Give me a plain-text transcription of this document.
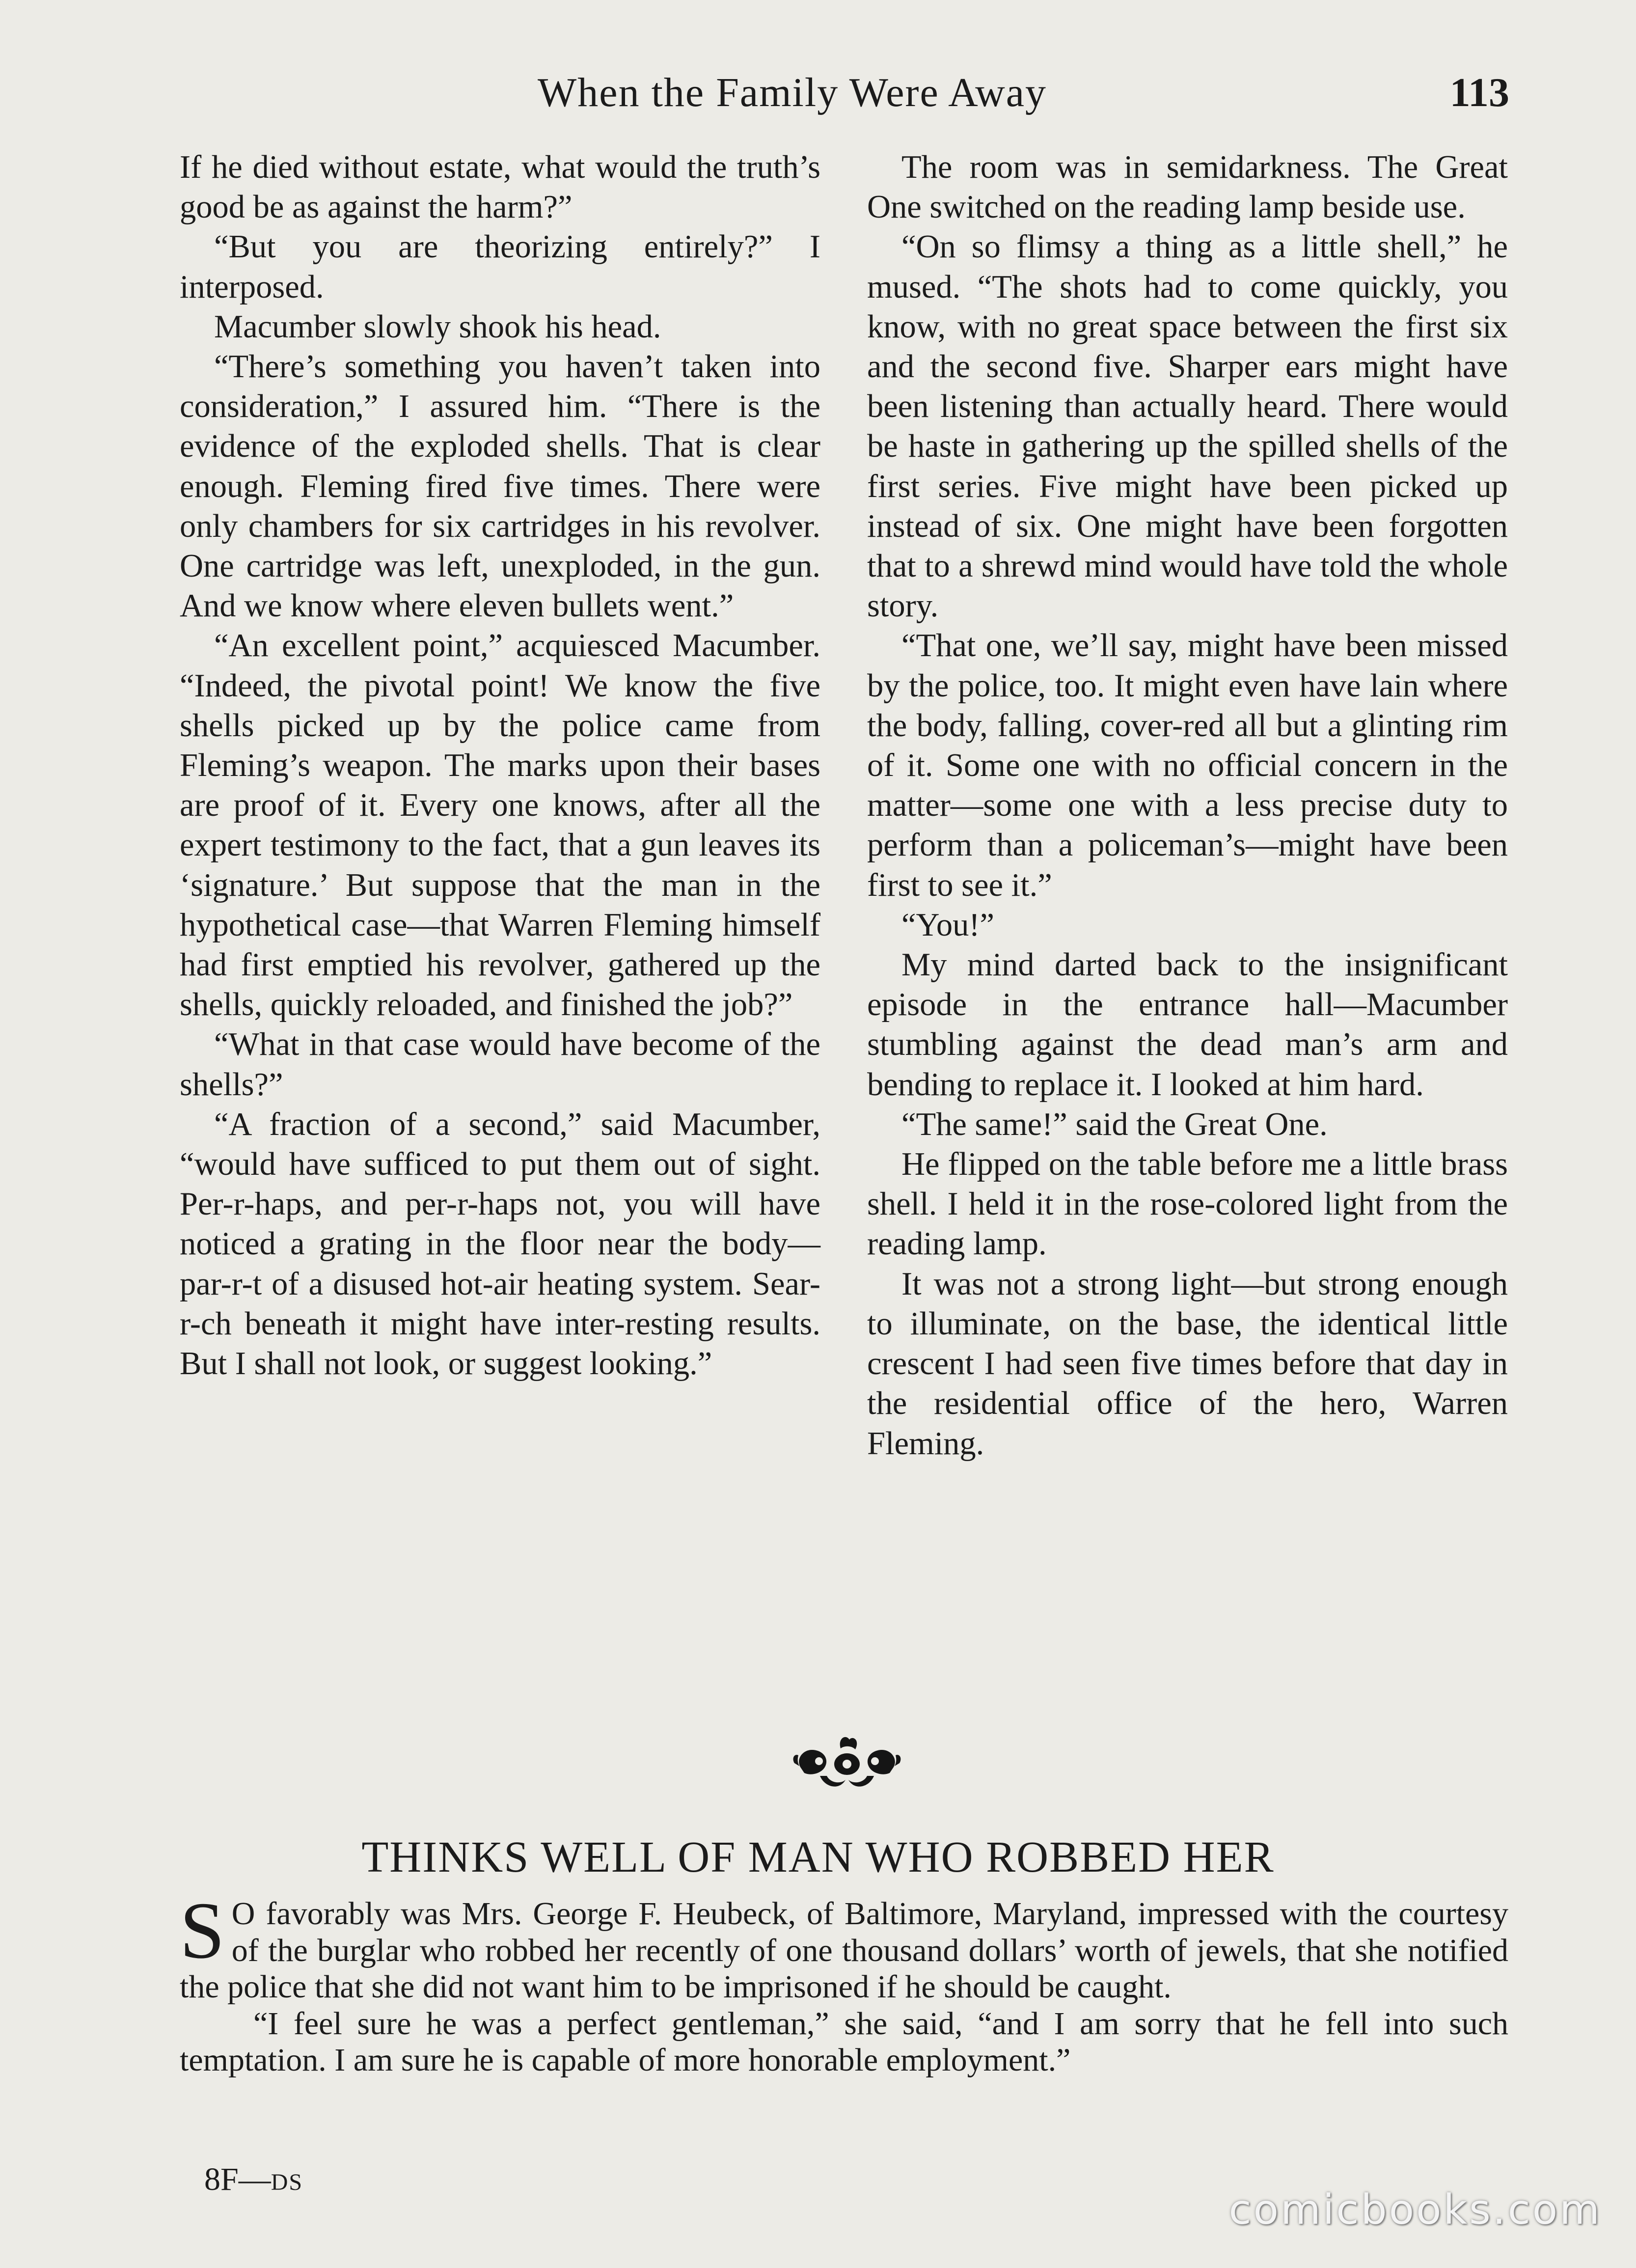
When the Family Were Away	113

If he died without estate, what would the truth’s good be as against the harm?”

“But you are theorizing entirely?” I interposed.

Macumber slowly shook his head.

“There’s something you haven’t taken into consideration,” I assured him. “There is the evidence of the exploded shells. That is clear enough. Fleming fired five times. There were only chambers for six cartridges in his revolver. One cartridge was left, unexploded, in the gun. And we know where eleven bullets went.”

“An excellent point,” acquiesced Macumber. “Indeed, the pivotal point! We know the five shells picked up by the police came from Fleming’s weapon. The marks upon their bases are proof of it. Every one knows, after all the expert testimony to the fact, that a gun leaves its ‘signature.’ But suppose that the man in the hypothetical case—that Warren Fleming himself had first emptied his revolver, gathered up the shells, quickly reloaded, and finished the job?”

“What in that case would have become of the shells?”

“A fraction of a second,” said Macumber, “would have sufficed to put them out of sight. Per-r-haps, and per-r-haps not, you will have noticed a grating in the floor near the body—par-r-t of a disused hot-air heating system. Sear-r-ch beneath it might have inter-resting results. But I shall not look, or suggest looking.”

The room was in semidarkness. The Great One switched on the reading lamp beside use.

“On so flimsy a thing as a little shell,” he mused. “The shots had to come quickly, you know, with no great space between the first six and the second five. Sharper ears might have been listening than actually heard. There would be haste in gathering up the spilled shells of the first series. Five might have been picked up instead of six. One might have been forgotten that to a shrewd mind would have told the whole story.

“That one, we’ll say, might have been missed by the police, too. It might even have lain where the body, falling, cover-red all but a glinting rim of it. Some one with no official concern in the matter—some one with a less precise duty to perform than a policeman’s—might have been first to see it.”

“You!”

My mind darted back to the insignificant episode in the entrance hall—Macumber stumbling against the dead man’s arm and bending to replace it. I looked at him hard.

“The same!” said the Great One.

He flipped on the table before me a little brass shell. I held it in the rose-colored light from the reading lamp.

It was not a strong light—but strong enough to illuminate, on the base, the identical little crescent I had seen five times before that day in the residential office of the hero, Warren Fleming.

THINKS WELL OF MAN WHO ROBBED HER

S O favorably was Mrs. George F. Heubeck, of Baltimore, Maryland, impressed with the courtesy of the burglar who robbed her recently of one thousand dollars’ worth of jewels, that she notified the police that she did not want him to be imprisoned if he should be caught.

“I feel sure he was a perfect gentleman,” she said, “and I am sorry that he fell into such temptation. I am sure he is capable of more honorable employment.”

8F—DS
comicbooks.com
